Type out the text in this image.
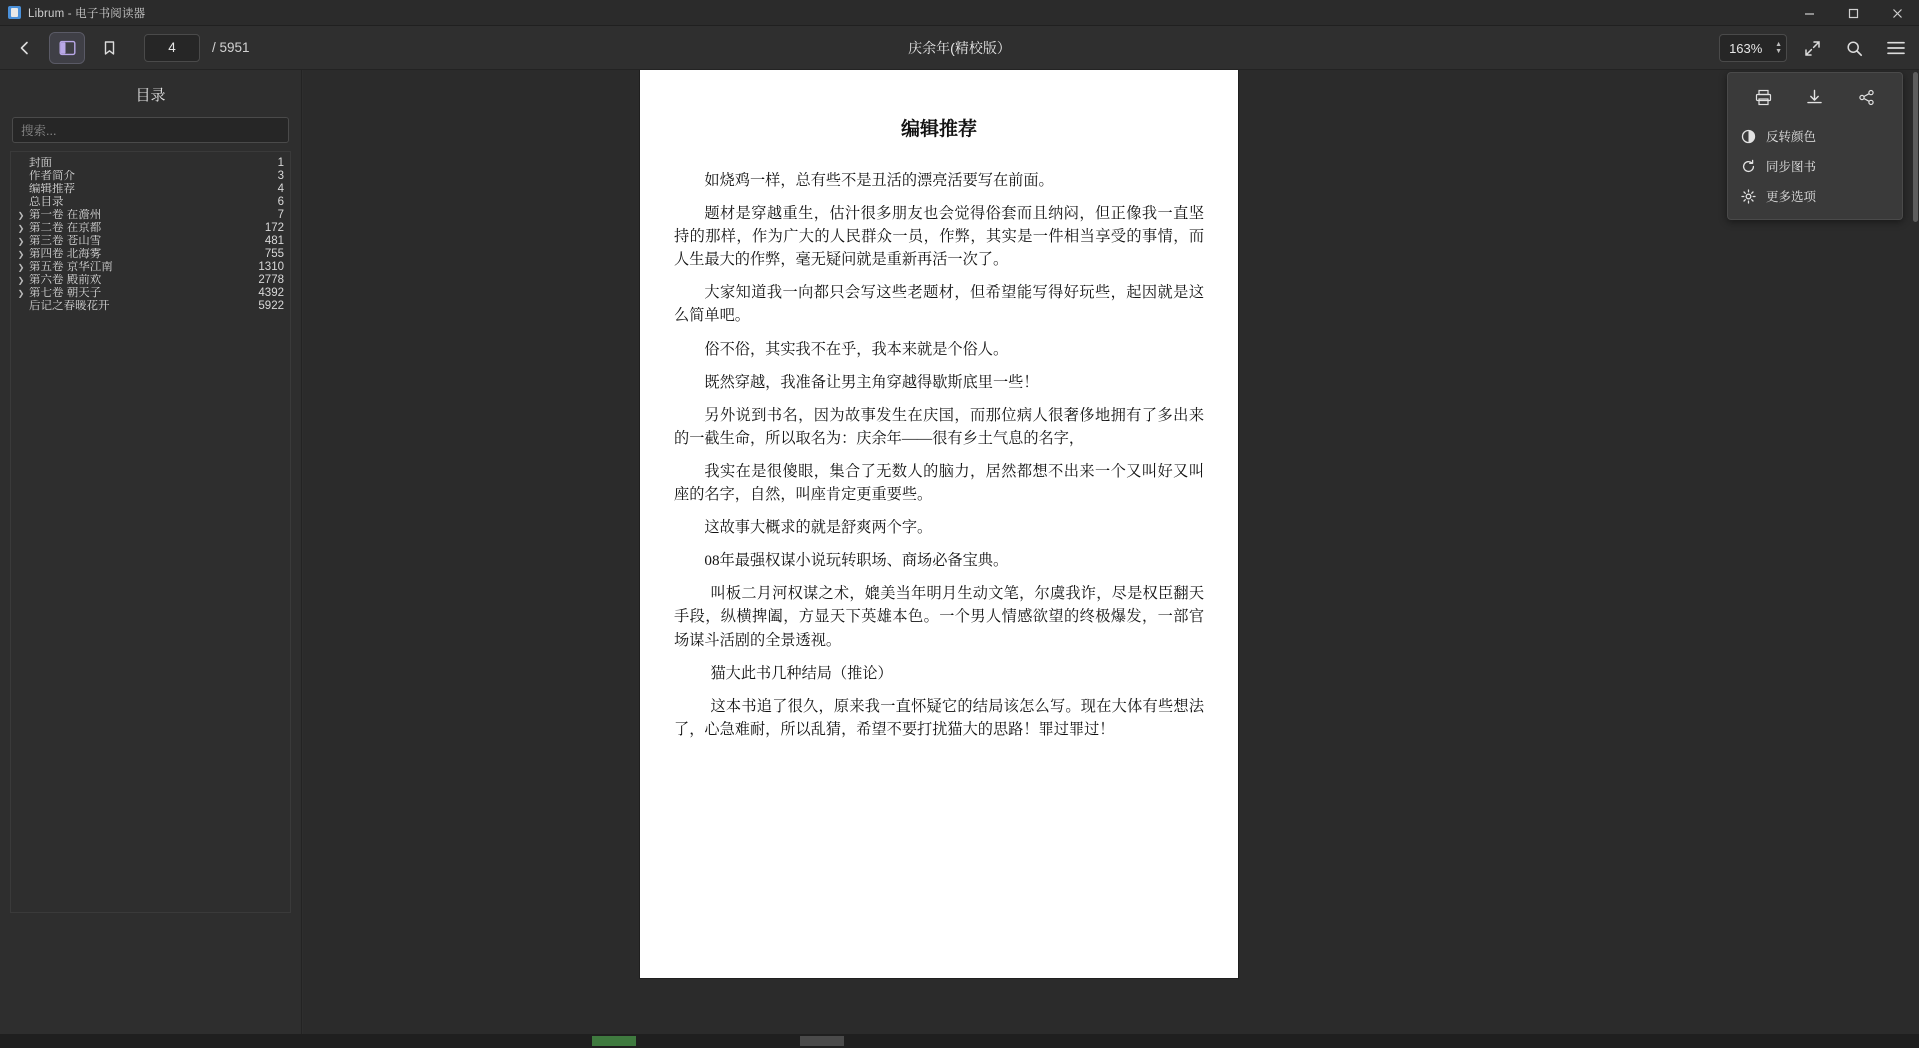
Librum - 电子书阅读器
4	/ 5951	庆余年(精校版）	163%	▲
▼
目录
搜索...
封面	1
作者简介	3
编辑推荐	4
总目录	6
❯ 第一卷 在澹州	7
❯ 第二卷 在京都	172
❯ 第三卷 苍山雪	481
❯ 第四卷 北海雾	755
❯ 第五卷 京华江南	1310
❯ 第六卷 殿前欢	2778
❯ 第七卷 朝天子	4392
后记之春暖花开	5922
编辑推荐

如烧鸡一样，总有些不是丑活的漂亮活要写在前面。

题材是穿越重生，估汁很多朋友也会觉得俗套而且纳闷，但正像我一直坚持的那样，作为广大的人民群众一员，作弊，其实是一件相当享受的事情，而人生最大的作弊，毫无疑问就是重新再活一次了。

大家知道我一向都只会写这些老题材，但希望能写得好玩些，起因就是这么简单吧。

俗不俗，其实我不在乎，我本来就是个俗人。

既然穿越，我准备让男主角穿越得歇斯底里一些！

另外说到书名，因为故事发生在庆国，而那位病人很奢侈地拥有了多出来的一截生命，所以取名为：庆余年——很有乡土气息的名字，

我实在是很傻眼，集合了无数人的脑力，居然都想不出来一个又叫好又叫座的名字，自然，叫座肯定更重要些。

这故事大概求的就是舒爽两个字。

08年最强权谋小说玩转职场、商场必备宝典。

叫板二月河权谋之术，媲美当年明月生动文笔，尔虞我诈，尽是权臣翻天手段，纵横捭阖，方显天下英雄本色。一个男人情感欲望的终极爆发，一部官场谋斗活剧的全景透视。

猫大此书几种结局（推论）

这本书追了很久，原来我一直怀疑它的结局该怎么写。现在大体有些想法了，心急难耐，所以乱猜，希望不要打扰猫大的思路！罪过罪过！

反转颜色
同步图书
更多选项
